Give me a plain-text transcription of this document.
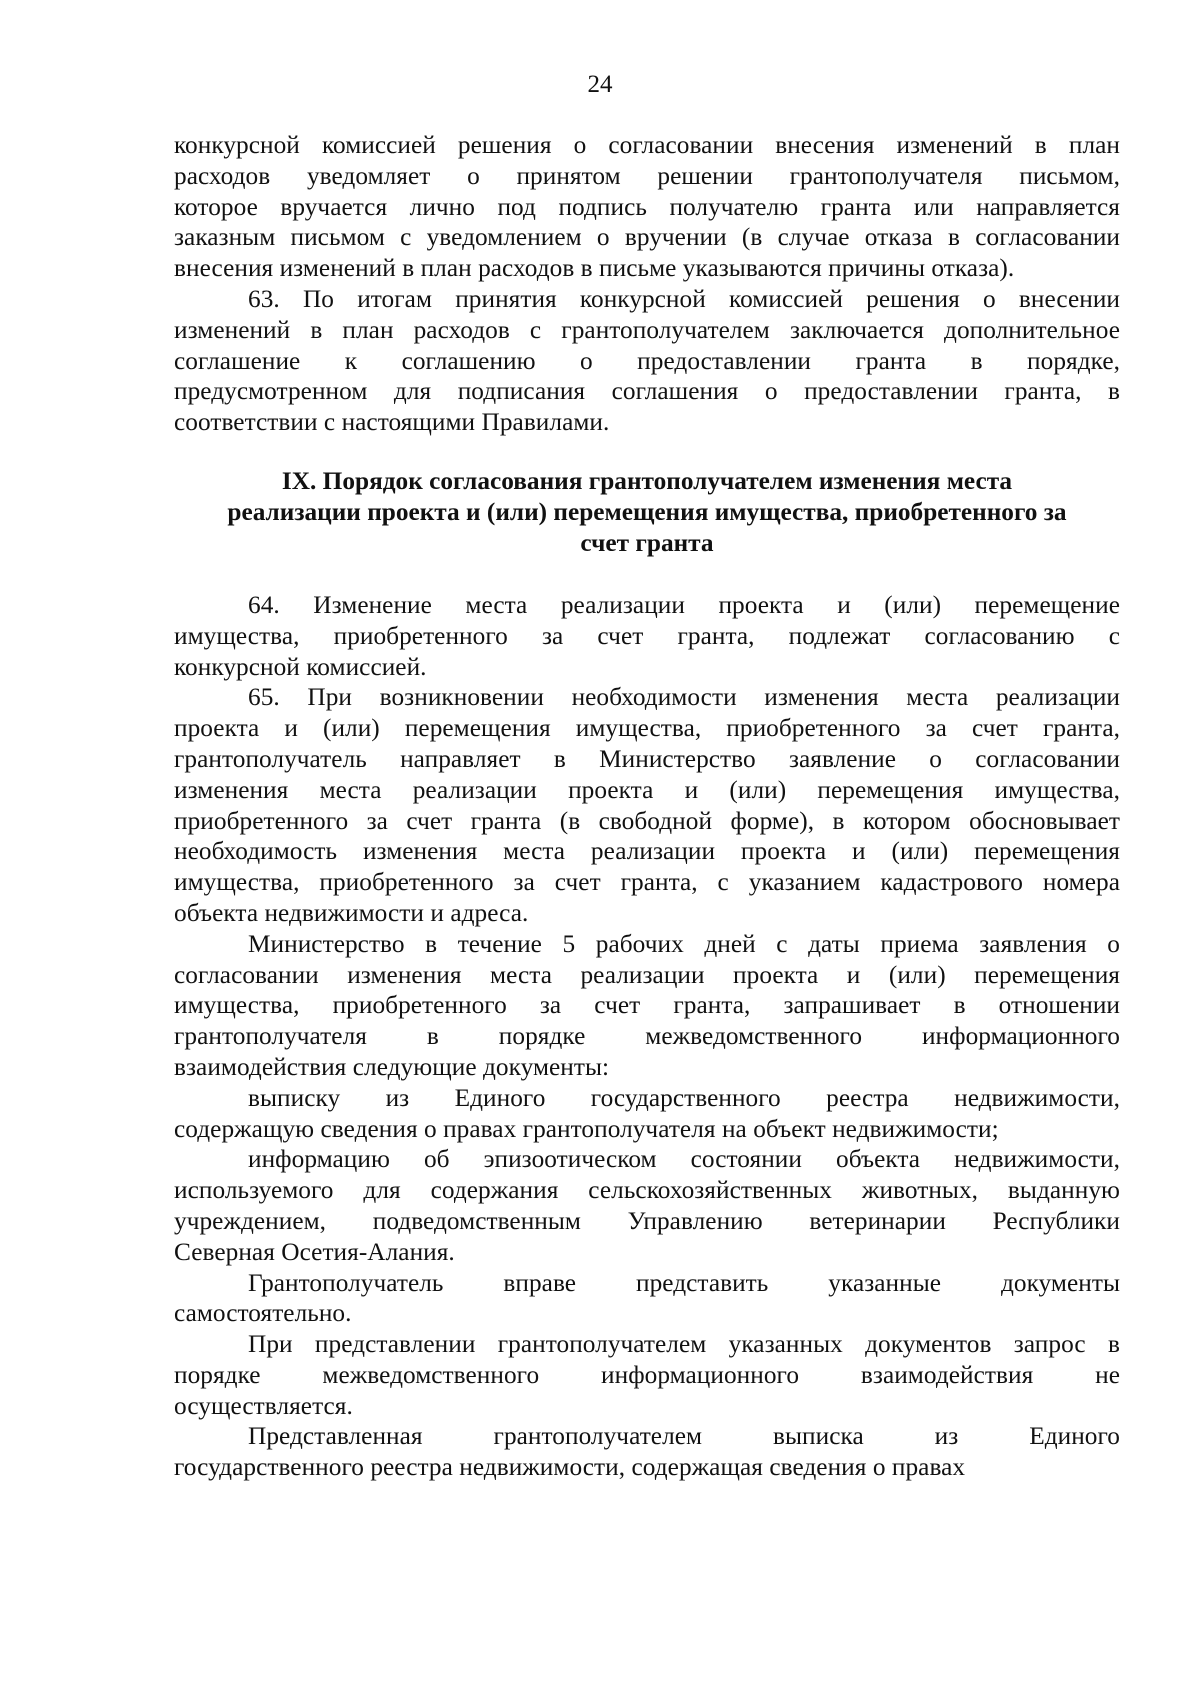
24

конкурсной комиссией решения о согласовании внесения изменений в план
расходов уведомляет о принятом решении грантополучателя письмом,
которое вручается лично под подпись получателю гранта или направляется
заказным письмом с уведомлением о вручении (в случае отказа в согласовании
внесения изменений в план расходов в письме указываются причины отказа).

63. По итогам принятия конкурсной комиссией решения о внесении
изменений в план расходов с грантополучателем заключается дополнительное
соглашение к соглашению о предоставлении гранта в порядке,
предусмотренном для подписания соглашения о предоставлении гранта, в
соответствии с настоящими Правилами.

IX. Порядок согласования грантополучателем изменения места
реализации проекта и (или) перемещения имущества, приобретенного за
счет гранта

64. Изменение места реализации проекта и (или) перемещение
имущества, приобретенного за счет гранта, подлежат согласованию с
конкурсной комиссией.

65. При возникновении необходимости изменения места реализации
проекта и (или) перемещения имущества, приобретенного за счет гранта,
грантополучатель направляет в Министерство заявление о согласовании
изменения места реализации проекта и (или) перемещения имущества,
приобретенного за счет гранта (в свободной форме), в котором обосновывает
необходимость изменения места реализации проекта и (или) перемещения
имущества, приобретенного за счет гранта, с указанием кадастрового номера
объекта недвижимости и адреса.

Министерство в течение 5 рабочих дней с даты приема заявления о
согласовании изменения места реализации проекта и (или) перемещения
имущества, приобретенного за счет гранта, запрашивает в отношении
грантополучателя в порядке межведомственного информационного
взаимодействия следующие документы:

выписку из Единого государственного реестра недвижимости,
содержащую сведения о правах грантополучателя на объект недвижимости;

информацию об эпизоотическом состоянии объекта недвижимости,
используемого для содержания сельскохозяйственных животных, выданную
учреждением, подведомственным Управлению ветеринарии Республики
Северная Осетия-Алания.

Грантополучатель вправе представить указанные документы
самостоятельно.

При представлении грантополучателем указанных документов запрос в
порядке межведомственного информационного взаимодействия не
осуществляется.

Представленная грантополучателем выписка из Единого
государственного реестра недвижимости, содержащая сведения о правах
